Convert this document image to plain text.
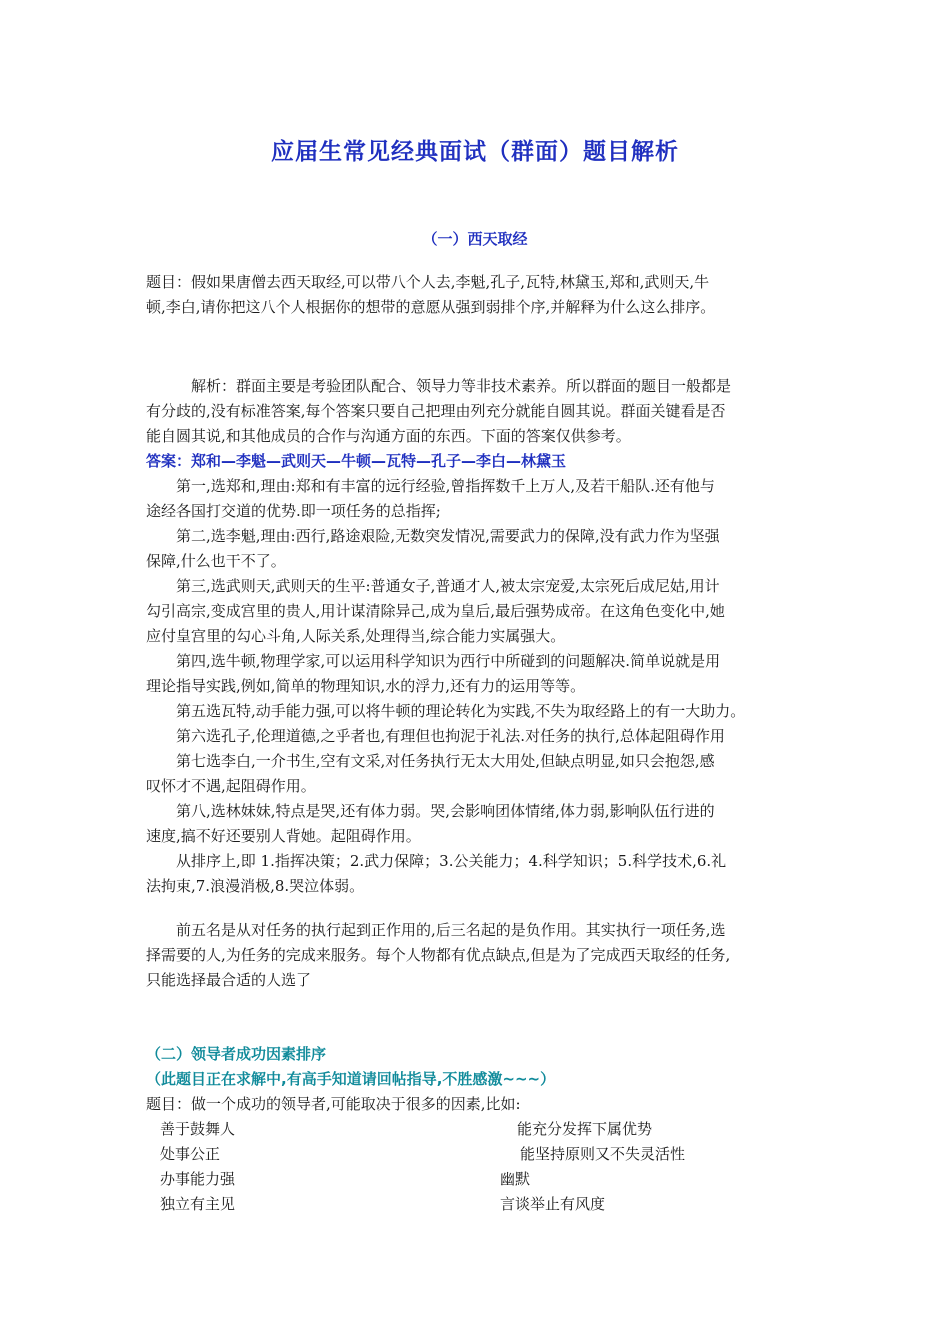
应届生常见经典面试（群面）题目解析
（一）西天取经
题目：假如果唐僧去西天取经,可以带八个人去,李魁,孔子,瓦特,林黛玉,郑和,武则天,牛
顿,李白,请你把这八个人根据你的想带的意愿从强到弱排个序,并解释为什么这么排序。
解析：群面主要是考验团队配合、领导力等非技术素养。所以群面的题目一般都是
有分歧的,没有标准答案,每个答案只要自己把理由列充分就能自圆其说。群面关键看是否
能自圆其说,和其他成员的合作与沟通方面的东西。下面的答案仅供参考。
答案：郑和—李魁—武则天—牛顿—瓦特—孔子—李白—林黛玉
第一,选郑和,理由:郑和有丰富的远行经验,曾指挥数千上万人,及若干船队.还有他与
途经各国打交道的优势.即一项任务的总指挥;
第二,选李魁,理由:西行,路途艰险,无数突发情况,需要武力的保障,没有武力作为坚强
保障,什么也干不了。
第三,选武则天,武则天的生平:普通女子,普通才人,被太宗宠爱,太宗死后成尼姑,用计
勾引高宗,变成宫里的贵人,用计谋清除异己,成为皇后,最后强势成帝。在这角色变化中,她
应付皇宫里的勾心斗角,人际关系,处理得当,综合能力实属强大。
第四,选牛顿,物理学家,可以运用科学知识为西行中所碰到的问题解决.简单说就是用
理论指导实践,例如,简单的物理知识,水的浮力,还有力的运用等等。
第五选瓦特,动手能力强,可以将牛顿的理论转化为实践,不失为取经路上的有一大助力。
第六选孔子,伦理道德,之乎者也,有理但也拘泥于礼法.对任务的执行,总体起阻碍作用
第七选李白,一介书生,空有文采,对任务执行无太大用处,但缺点明显,如只会抱怨,感
叹怀才不遇,起阻碍作用。
第八,选林妹妹,特点是哭,还有体力弱。哭,会影响团体情绪,体力弱,影响队伍行进的
速度,搞不好还要别人背她。起阻碍作用。
从排序上,即 1.指挥决策；2.武力保障；3.公关能力；4.科学知识；5.科学技术,6.礼
法拘束,7.浪漫消极,8.哭泣体弱。
前五名是从对任务的执行起到正作用的,后三名起的是负作用。其实执行一项任务,选
择需要的人,为任务的完成来服务。每个人物都有优点缺点,但是为了完成西天取经的任务,
只能选择最合适的人选了
（二）领导者成功因素排序
（此题目正在求解中,有高手知道请回帖指导,不胜感激~~~）
题目：做一个成功的领导者,可能取决于很多的因素,比如:
善于鼓舞人	能充分发挥下属优势
处事公正	能坚持原则又不失灵活性
办事能力强	幽默
独立有主见	言谈举止有风度
